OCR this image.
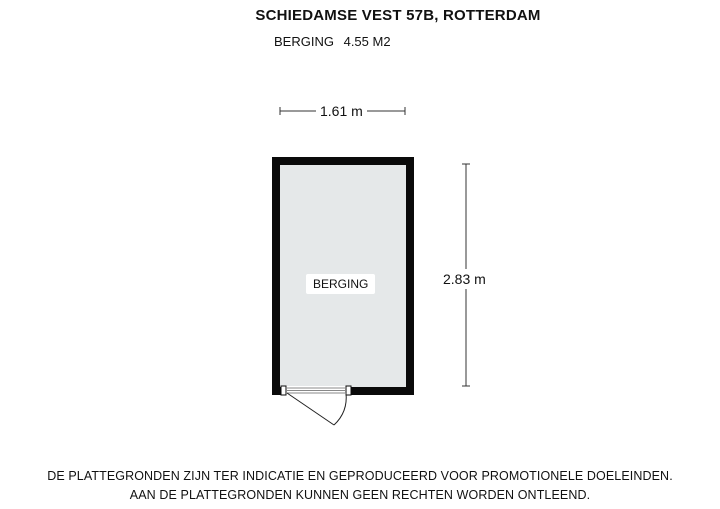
SCHIEDAMSE VEST 57B, ROTTERDAM
BERGING 4.55 M2
1.61 m
2.83 m
BERGING
DE PLATTEGRONDEN ZIJN TER INDICATIE EN GEPRODUCEERD VOOR PROMOTIONELE DOELEINDEN.
AAN DE PLATTEGRONDEN KUNNEN GEEN RECHTEN WORDEN ONTLEEND.
